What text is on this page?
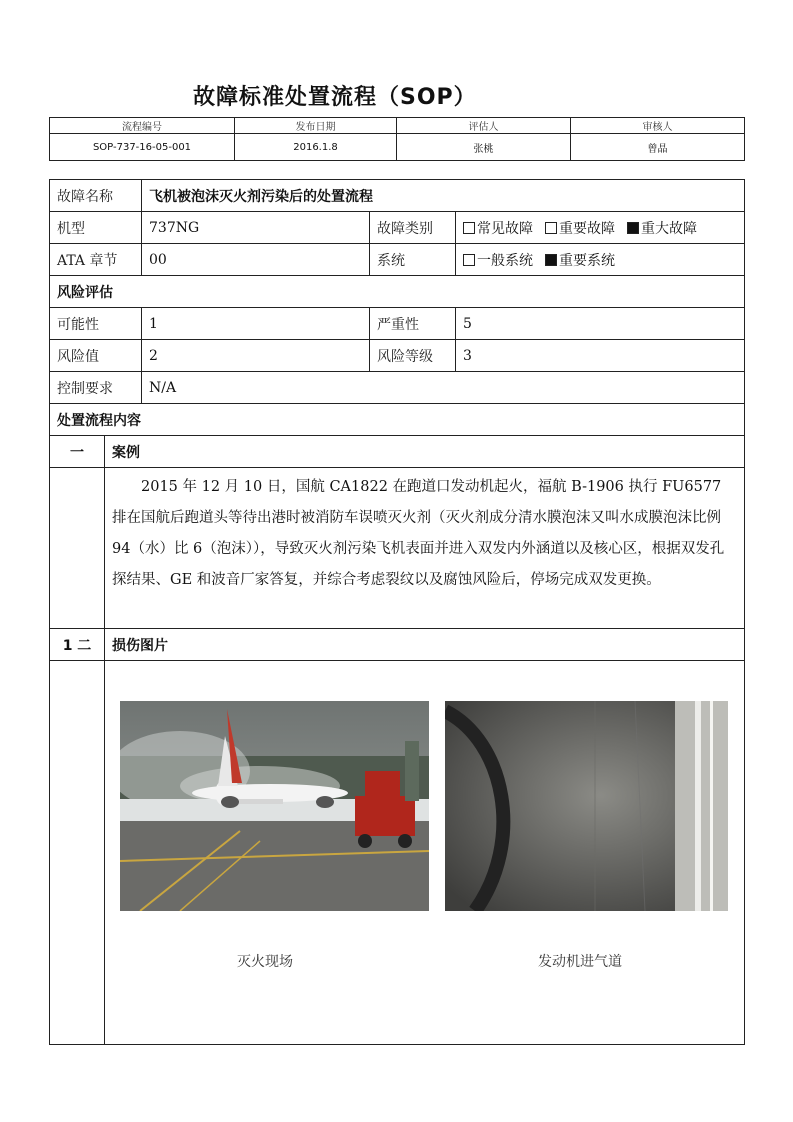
故障标准处置流程（SOP）
流程编号	发布日期	评估人	审核人
SOP-737-16-05-001	2016.1.8	张桃	曾晶
故障名称		飞机被泡沫灭火剂污染后的处置流程		
机型		737NG	故障类别	常见故障 重要故障 重大故障
ATA 章节		00	系统	一般系统 重要系统
风险评估				
可能性		1	严重性	5
风险值		2	风险等级	3
控制要求		N/A		
处置流程内容				
一	案例			
	2015 年 12 月 10 日，国航 CA1822 在跑道口发动机起火，福航 B-1906 执行 FU6577 排在国航后跑道头等待出港时被消防车误喷灭火剂（灭火剂成分清水膜泡沫又叫水成膜泡沫比例 94（水）比 6（泡沫）），导致灭火剂污染飞机表面并进入双发内外涵道以及核心区，根据双发孔探结果、GE 和波音厂家答复，并综合考虑裂纹以及腐蚀风险后，停场完成双发更换。			
1 二	损伤图片			

	灭火现场 发动机进气道			
